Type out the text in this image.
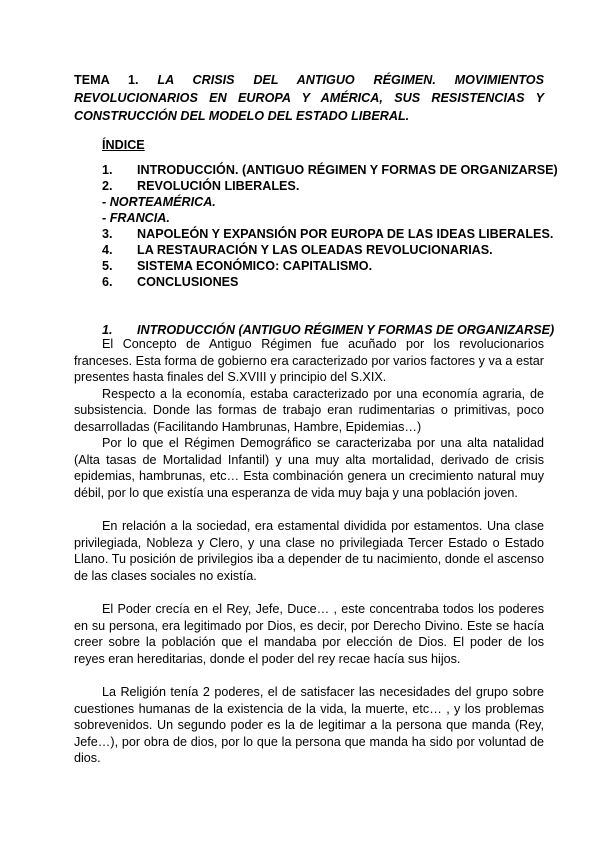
TEMA 1. LA CRISIS DEL ANTIGUO RÉGIMEN. MOVIMIENTOS REVOLUCIONARIOS EN EUROPA Y AMÉRICA, SUS RESISTENCIAS Y CONSTRUCCIÓN DEL MODELO DEL ESTADO LIBERAL.
ÍNDICE
1. INTRODUCCIÓN. (ANTIGUO RÉGIMEN Y FORMAS DE ORGANIZARSE)
2. REVOLUCIÓN LIBERALES.
- NORTEAMÉRICA.
- FRANCIA.
3. NAPOLEÓN Y EXPANSIÓN POR EUROPA DE LAS IDEAS LIBERALES.
4. LA RESTAURACIÓN Y LAS OLEADAS REVOLUCIONARIAS.
5. SISTEMA ECONÓMICO: CAPITALISMO.
6. CONCLUSIONES
1. INTRODUCCIÓN (ANTIGUO RÉGIMEN Y FORMAS DE ORGANIZARSE)

El Concepto de Antiguo Régimen fue acuñado por los revolucionarios franceses. Esta forma de gobierno era caracterizado por varios factores y va a estar presentes hasta finales del S.XVIII y principio del S.XIX.

Respecto a la economía, estaba caracterizado por una economía agraria, de subsistencia. Donde las formas de trabajo eran rudimentarias o primitivas, poco desarrolladas (Facilitando Hambrunas, Hambre, Epidemias…)

Por lo que el Régimen Demográfico se caracterizaba por una alta natalidad (Alta tasas de Mortalidad Infantil) y una muy alta mortalidad, derivado de crisis epidemias, hambrunas, etc… Esta combinación genera un crecimiento natural muy débil, por lo que existía una esperanza de vida muy baja y una población joven.

En relación a la sociedad, era estamental dividida por estamentos. Una clase privilegiada, Nobleza y Clero, y una clase no privilegiada Tercer Estado o Estado Llano. Tu posición de privilegios iba a depender de tu nacimiento, donde el ascenso de las clases sociales no existía.

El Poder crecía en el Rey, Jefe, Duce… , este concentraba todos los poderes en su persona, era legitimado por Dios, es decir, por Derecho Divino. Este se hacía creer sobre la población que el mandaba por elección de Dios. El poder de los reyes eran hereditarias, donde el poder del rey recae hacía sus hijos.

La Religión tenía 2 poderes, el de satisfacer las necesidades del grupo sobre cuestiones humanas de la existencia de la vida, la muerte, etc… , y los problemas sobrevenidos. Un segundo poder es la de legitimar a la persona que manda (Rey, Jefe…), por obra de dios, por lo que la persona que manda ha sido por voluntad de dios.
